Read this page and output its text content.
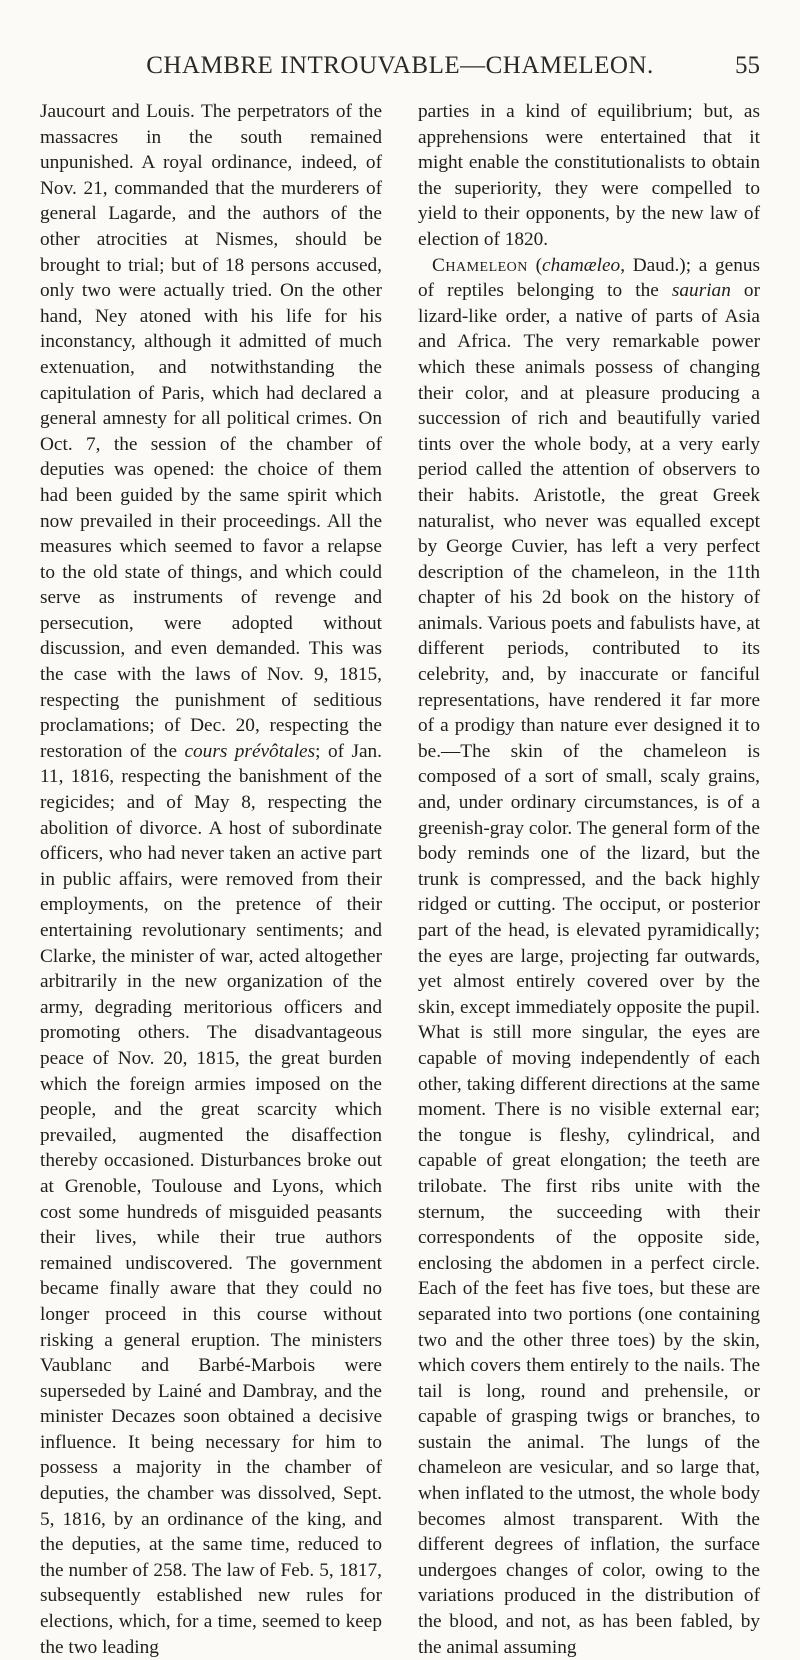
CHAMBRE INTROUVABLE—CHAMELEON.	55

Jaucourt and Louis. The perpetrators of the massacres in the south remained unpunished. A royal ordinance, indeed, of Nov. 21, commanded that the murderers of general Lagarde, and the authors of the other atrocities at Nismes, should be brought to trial; but of 18 persons accused, only two were actually tried. On the other hand, Ney atoned with his life for his inconstancy, although it admitted of much extenuation, and notwithstanding the capitulation of Paris, which had declared a general amnesty for all political crimes. On Oct. 7, the session of the chamber of deputies was opened: the choice of them had been guided by the same spirit which now prevailed in their proceedings. All the measures which seemed to favor a relapse to the old state of things, and which could serve as instruments of revenge and persecution, were adopted without discussion, and even demanded. This was the case with the laws of Nov. 9, 1815, respecting the punishment of seditious proclamations; of Dec. 20, respecting the restoration of the cours prévôtales; of Jan. 11, 1816, respecting the banishment of the regicides; and of May 8, respecting the abolition of divorce. A host of subordinate officers, who had never taken an active part in public affairs, were removed from their employments, on the pretence of their entertaining revolutionary sentiments; and Clarke, the minister of war, acted altogether arbitrarily in the new organization of the army, degrading meritorious officers and promoting others. The disadvantageous peace of Nov. 20, 1815, the great burden which the foreign armies imposed on the people, and the great scarcity which prevailed, augmented the disaffection thereby occasioned. Disturbances broke out at Grenoble, Toulouse and Lyons, which cost some hundreds of misguided peasants their lives, while their true authors remained undiscovered. The government became finally aware that they could no longer proceed in this course without risking a general eruption. The ministers Vaublanc and Barbé-Marbois were superseded by Lainé and Dambray, and the minister Decazes soon obtained a decisive influence. It being necessary for him to possess a majority in the chamber of deputies, the chamber was dissolved, Sept. 5, 1816, by an ordinance of the king, and the deputies, at the same time, reduced to the number of 258. The law of Feb. 5, 1817, subsequently established new rules for elections, which, for a time, seemed to keep the two leading

parties in a kind of equilibrium; but, as apprehensions were entertained that it might enable the constitutionalists to obtain the superiority, they were compelled to yield to their opponents, by the new law of election of 1820.

Chameleon (chamæleo, Daud.); a genus of reptiles belonging to the saurian or lizard-like order, a native of parts of Asia and Africa. The very remarkable power which these animals possess of changing their color, and at pleasure producing a succession of rich and beautifully varied tints over the whole body, at a very early period called the attention of observers to their habits. Aristotle, the great Greek naturalist, who never was equalled except by George Cuvier, has left a very perfect description of the chameleon, in the 11th chapter of his 2d book on the history of animals. Various poets and fabulists have, at different periods, contributed to its celebrity, and, by inaccurate or fanciful representations, have rendered it far more of a prodigy than nature ever designed it to be.—The skin of the chameleon is composed of a sort of small, scaly grains, and, under ordinary circumstances, is of a greenish-gray color. The general form of the body reminds one of the lizard, but the trunk is compressed, and the back highly ridged or cutting. The occiput, or posterior part of the head, is elevated pyramidically; the eyes are large, projecting far outwards, yet almost entirely covered over by the skin, except immediately opposite the pupil. What is still more singular, the eyes are capable of moving independently of each other, taking different directions at the same moment. There is no visible external ear; the tongue is fleshy, cylindrical, and capable of great elongation; the teeth are trilobate. The first ribs unite with the sternum, the succeeding with their correspondents of the opposite side, enclosing the abdomen in a perfect circle. Each of the feet has five toes, but these are separated into two portions (one containing two and the other three toes) by the skin, which covers them entirely to the nails. The tail is long, round and prehensile, or capable of grasping twigs or branches, to sustain the animal. The lungs of the chameleon are vesicular, and so large that, when inflated to the utmost, the whole body becomes almost transparent. With the different degrees of inflation, the surface undergoes changes of color, owing to the variations produced in the distribution of the blood, and not, as has been fabled, by the animal assuming
